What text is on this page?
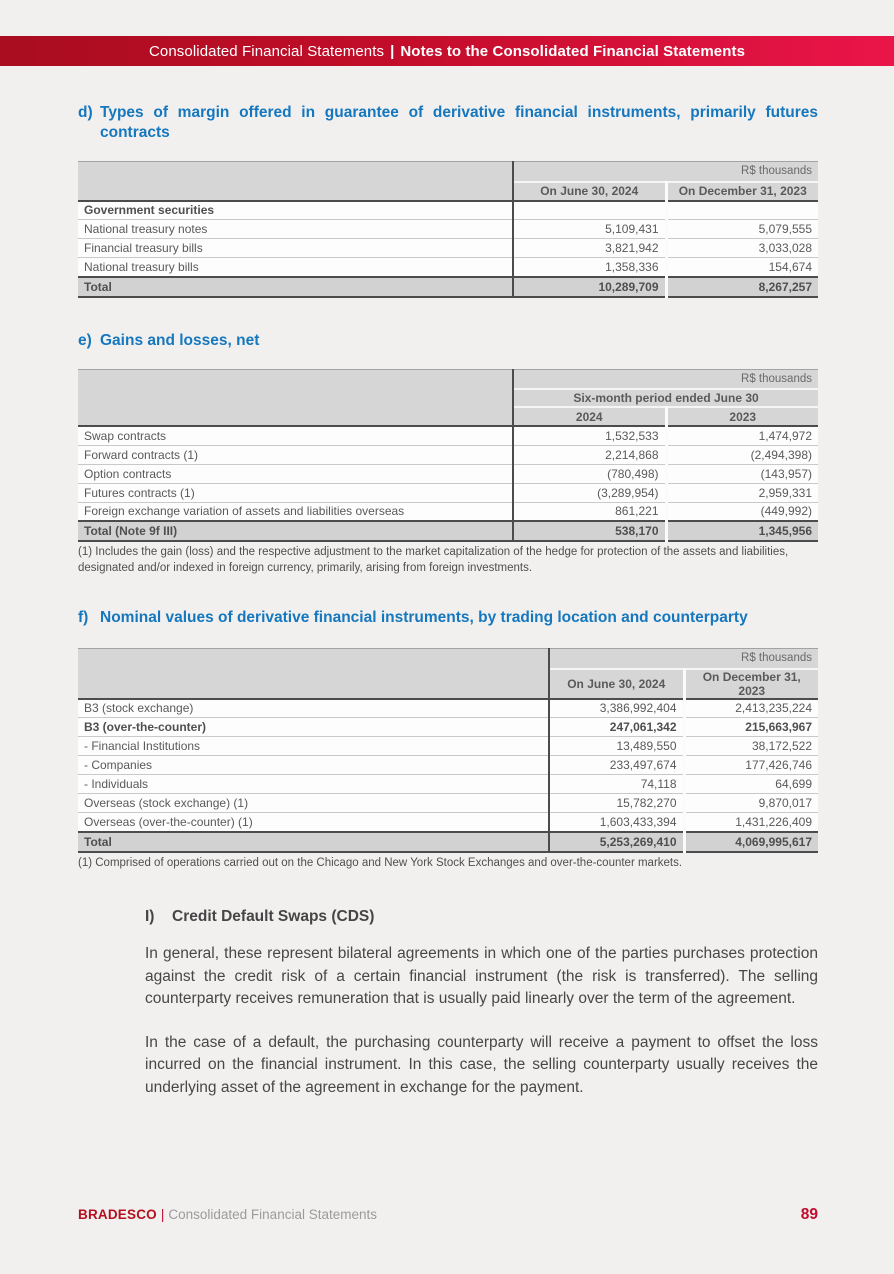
Consolidated Financial Statements | Notes to the Consolidated Financial Statements
d) Types of margin offered in guarantee of derivative financial instruments, primarily futures contracts
	R$ thousands	
	On June 30, 2024	On December 31, 2023
Government securities		
National treasury notes	5,109,431	5,079,555
Financial treasury bills	3,821,942	3,033,028
National treasury bills	1,358,336	154,674
Total	10,289,709	8,267,257
e) Gains and losses, net
	R$ thousands	
	Six-month period ended June 30	
	2024	2023
Swap contracts	1,532,533	1,474,972
Forward contracts (1)	2,214,868	(2,494,398)
Option contracts	(780,498)	(143,957)
Futures contracts (1)	(3,289,954)	2,959,331
Foreign exchange variation of assets and liabilities overseas	861,221	(449,992)
Total (Note 9f III)	538,170	1,345,956
(1) Includes the gain (loss) and the respective adjustment to the market capitalization of the hedge for protection of the assets and liabilities, designated and/or indexed in foreign currency, primarily, arising from foreign investments.
f) Nominal values of derivative financial instruments, by trading location and counterparty
	R$ thousands	
	On June 30, 2024	On December 31, 2023
B3 (stock exchange)	3,386,992,404	2,413,235,224
B3 (over-the-counter)	247,061,342	215,663,967
- Financial Institutions	13,489,550	38,172,522
- Companies	233,497,674	177,426,746
- Individuals	74,118	64,699
Overseas (stock exchange) (1)	15,782,270	9,870,017
Overseas (over-the-counter) (1)	1,603,433,394	1,431,226,409
Total	5,253,269,410	4,069,995,617
(1) Comprised of operations carried out on the Chicago and New York Stock Exchanges and over-the-counter markets.
I)	Credit Default Swaps (CDS)

In general, these represent bilateral agreements in which one of the parties purchases protection against the credit risk of a certain financial instrument (the risk is transferred). The selling counterparty receives remuneration that is usually paid linearly over the term of the agreement.

In the case of a default, the purchasing counterparty will receive a payment to offset the loss incurred on the financial instrument. In this case, the selling counterparty usually receives the underlying asset of the agreement in exchange for the payment.

BRADESCO | Consolidated Financial Statements	89
